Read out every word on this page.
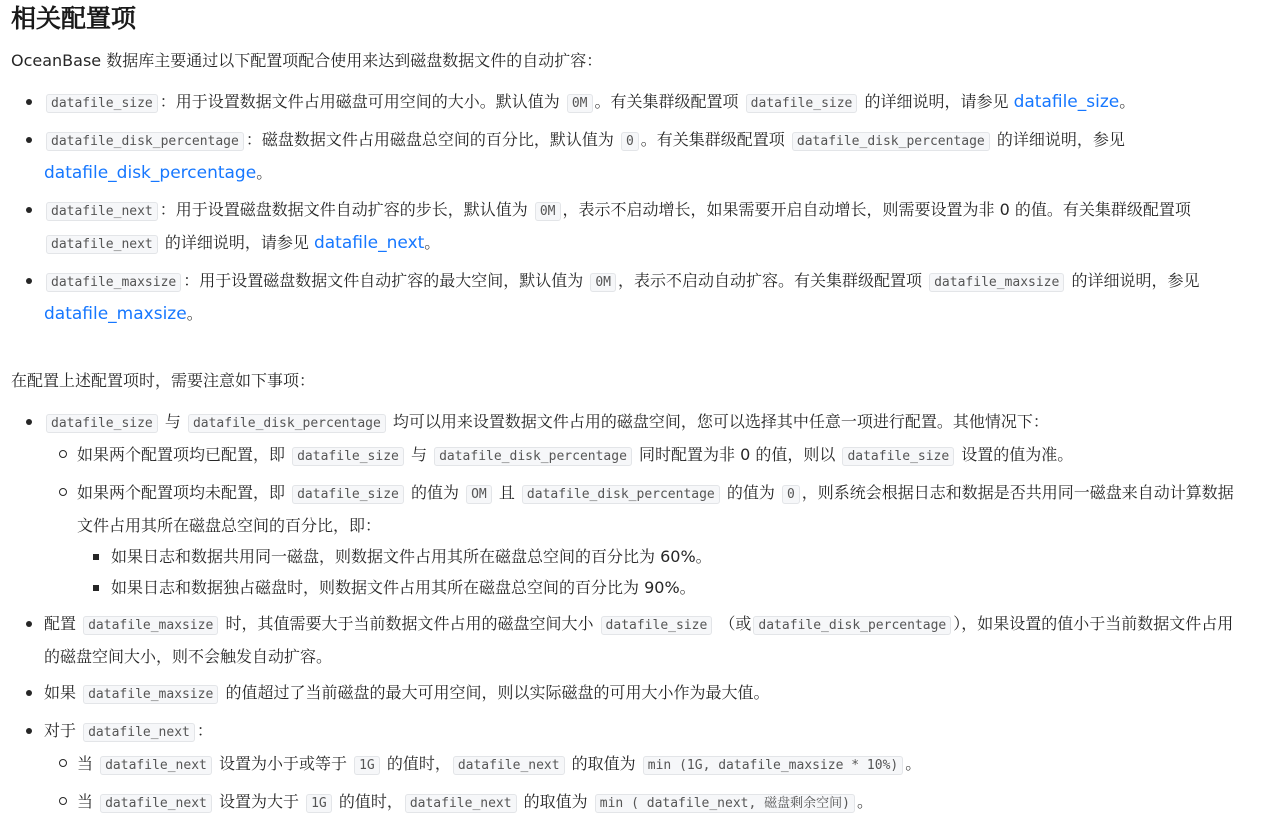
相关配置项

OceanBase 数据库主要通过以下配置项配合使用来达到磁盘数据文件的自动扩容：

datafile_size ：用于设置数据文件占用磁盘可用空间的大小。默认值为 0M 。有关集群级配置项 datafile_size 的详细说明，请参见 datafile_size。
datafile_disk_percentage ：磁盘数据文件占用磁盘总空间的百分比，默认值为 0 。有关集群级配置项 datafile_disk_percentage 的详细说明，参见 datafile_disk_percentage。
datafile_next ：用于设置磁盘数据文件自动扩容的步长，默认值为 0M ，表示不启动增长，如果需要开启自动增长，则需要设置为非 0 的值。有关集群级配置项 datafile_next 的详细说明，请参见 datafile_next。
datafile_maxsize ：用于设置磁盘数据文件自动扩容的最大空间，默认值为 0M ，表示不启动自动扩容。有关集群级配置项 datafile_maxsize 的详细说明，参见 datafile_maxsize。

在配置上述配置项时，需要注意如下事项：

datafile_size 与 datafile_disk_percentage 均可以用来设置数据文件占用的磁盘空间，您可以选择其中任意一项进行配置。其他情况下：
如果两个配置项均已配置，即 datafile_size 与 datafile_disk_percentage 同时配置为非 0 的值，则以 datafile_size 设置的值为准。
如果两个配置项均未配置，即 datafile_size 的值为 OM 且 datafile_disk_percentage 的值为 0 ，则系统会根据日志和数据是否共用同一磁盘来自动计算数据文件占用其所在磁盘总空间的百分比，即：
如果日志和数据共用同一磁盘，则数据文件占用其所在磁盘总空间的百分比为 60%。
如果日志和数据独占磁盘时，则数据文件占用其所在磁盘总空间的百分比为 90%。
配置 datafile_maxsize 时，其值需要大于当前数据文件占用的磁盘空间大小 datafile_size （或 datafile_disk_percentage ），如果设置的值小于当前数据文件占用的磁盘空间大小，则不会触发自动扩容。
如果 datafile_maxsize 的值超过了当前磁盘的最大可用空间，则以实际磁盘的可用大小作为最大值。
对于 datafile_next ：
当 datafile_next 设置为小于或等于 1G 的值时， datafile_next 的取值为 min (1G, datafile_maxsize * 10%) 。
当 datafile_next 设置为大于 1G 的值时， datafile_next 的取值为 min ( datafile_next, 磁盘剩余空间) 。
